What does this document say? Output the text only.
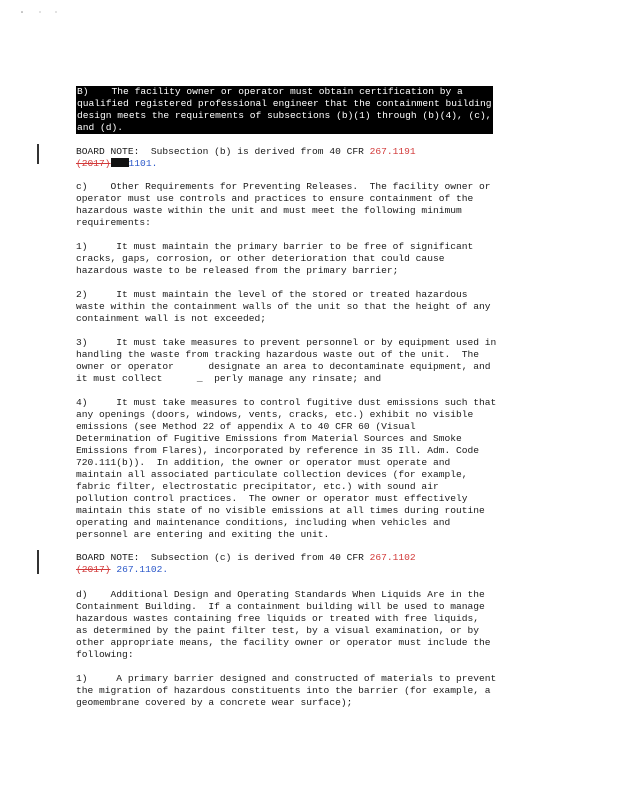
B)    The facility owner or operator must obtain certification by a
qualified registered professional engineer that the containment building
design meets the requirements of subsections (b)(1) through (b)(4), (c),
and (d).
BOARD NOTE:  Subsection (b) is derived from 40 CFR 267.1191
(2017) 1101.
c)    Other Requirements for Preventing Releases.  The facility owner or
operator must use controls and practices to ensure containment of the
hazardous waste within the unit and must meet the following minimum
requirements:
1)     It must maintain the primary barrier to be free of significant
cracks, gaps, corrosion, or other deterioration that could cause
hazardous waste to be released from the primary barrier;
2)     It must maintain the level of the stored or treated hazardous
waste within the containment walls of the unit so that the height of any
containment wall is not exceeded;
3)     It must take measures to prevent personnel or by equipment used in
handling the waste from tracking hazardous waste out of the unit.  The
owner or operator      designate an area to decontaminate equipment, and
it must collect      _  perly manage any rinsate; and
4)     It must take measures to control fugitive dust emissions such that
any openings (doors, windows, vents, cracks, etc.) exhibit no visible
emissions (see Method 22 of appendix A to 40 CFR 60 (Visual
Determination of Fugitive Emissions from Material Sources and Smoke
Emissions from Flares), incorporated by reference in 35 Ill. Adm. Code
720.111(b)).  In addition, the owner or operator must operate and
maintain all associated particulate collection devices (for example,
fabric filter, electrostatic precipitator, etc.) with sound air
pollution control practices.  The owner or operator must effectively
maintain this state of no visible emissions at all times during routine
operating and maintenance conditions, including when vehicles and
personnel are entering and exiting the unit.
BOARD NOTE:  Subsection (c) is derived from 40 CFR 267.1102
(2017) 267.1102.
d)    Additional Design and Operating Standards When Liquids Are in the
Containment Building.  If a containment building will be used to manage
hazardous wastes containing free liquids or treated with free liquids,
as determined by the paint filter test, by a visual examination, or by
other appropriate means, the facility owner or operator must include the
following:
1)     A primary barrier designed and constructed of materials to prevent
the migration of hazardous constituents into the barrier (for example, a
geomembrane covered by a concrete wear surface);
